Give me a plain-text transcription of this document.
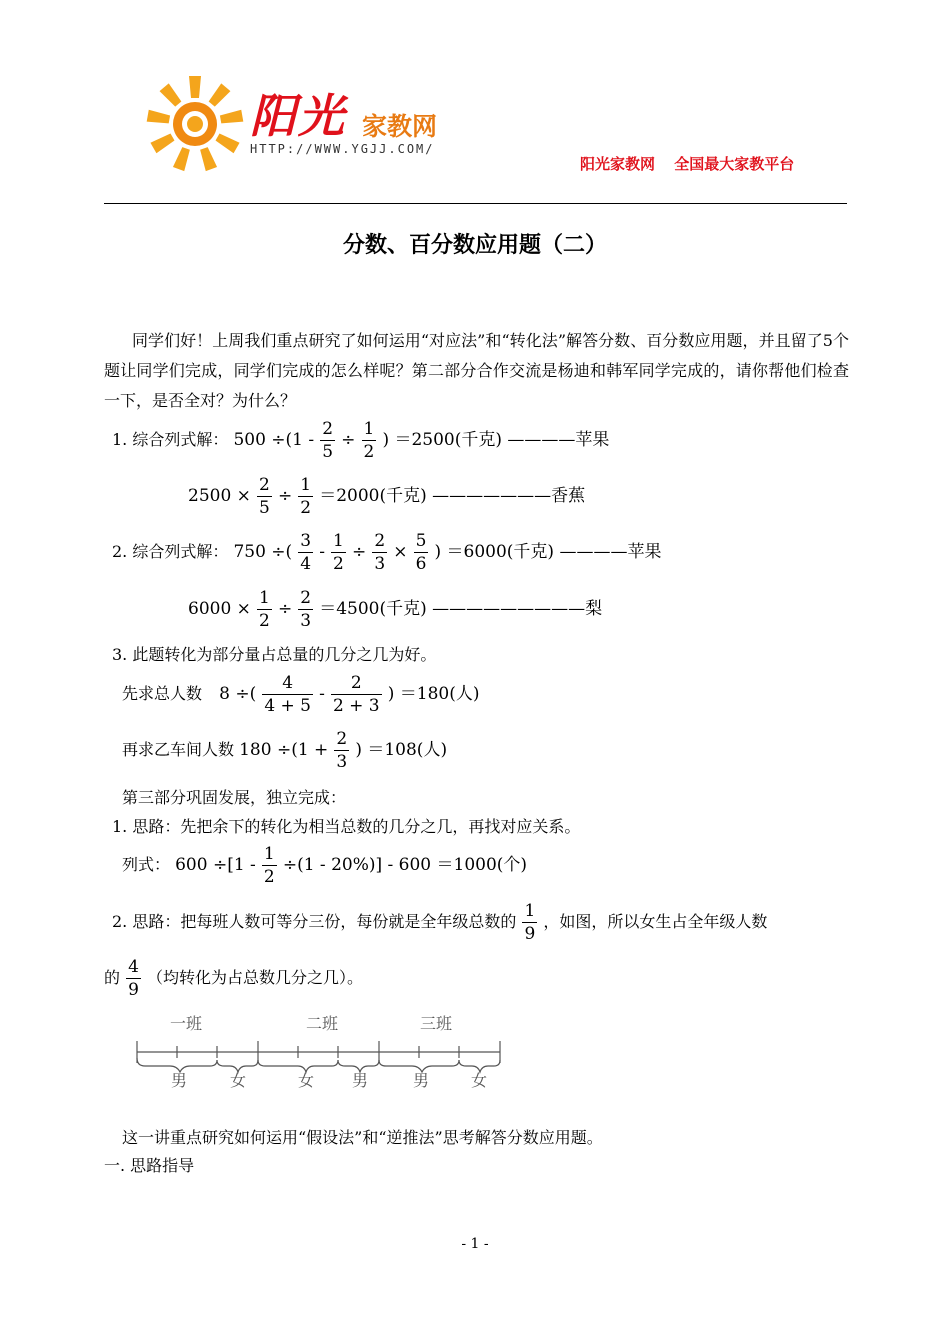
阳光 家教网
HTTP://WWW.YGJJ.COM/
阳光家教网 全国最大家教平台
分数、百分数应用题（二）
同学们好！上周我们重点研究了如何运用“对应法”和“转化法”解答分数、百分数应用题，并且留了5个题让同学们完成，同学们完成的怎么样呢？第二部分合作交流是杨迪和韩军同学完成的，请你帮他们检查一下，是否全对？为什么？
1. 综合列式解： $500 \div(1 - \frac{2}{5} \div \frac{1}{2}$ ) ＝2500(千克) ————苹果
$2500 \times \frac{2}{5} \div \frac{1}{2} =2000$(千克) ———————香蕉
2. 综合列式解： 750 ÷( $\frac{3}{4} - \frac{1}{2} \div \frac{2}{3} \times \frac{5}{6}$ ) ＝6000(千克) ————苹果
$6000 \times \frac{1}{2} \div \frac{2}{3} =4500$(千克) —————————梨
3. 此题转化为部分量占总量的几分之几为好。
先求总人数 8 ÷( $\frac{4}{4 + 5} - \frac{2}{2 + 3}$ ) ＝180(人)
再求乙车间人数 $180 \div(1 + \frac{2}{3}$ ) ＝108(人)
第三部分巩固发展，独立完成：
1. 思路：先把余下的转化为相当总数的几分之几，再找对应关系。
列式： $600 \div[1 - \frac{1}{2} \div(1 - 20\%)] - 600 =1000$(个)
2. 思路：把每班人数可等分三份，每份就是全年级总数的 $\frac{1}{9}$ ，如图，所以女生占全年级人数
的 $\frac{4}{9}$ （均转化为占总数几分之几）。
一班	二班	三班
男	女	女 男	男	女
这一讲重点研究如何运用“假设法”和“逆推法”思考解答分数应用题。
一. 思路指导
- 1 -
